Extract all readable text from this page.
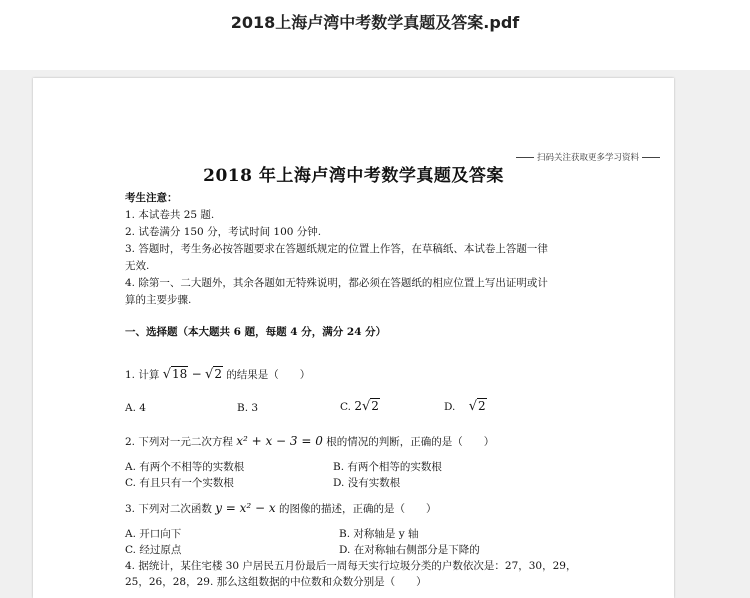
2018上海卢湾中考数学真题及答案.pdf
扫码关注获取更多学习资料
2018 年上海卢湾中考数学真题及答案
考生注意：
1. 本试卷共 25 题.
2. 试卷满分 150 分，考试时间 100 分钟.
3. 答题时，考生务必按答题要求在答题纸规定的位置上作答，在草稿纸、本试卷上答题一律
无效.
4. 除第一、二大题外，其余各题如无特殊说明，都必须在答题纸的相应位置上写出证明或计
算的主要步骤.
一、选择题（本大题共 6 题，每题 4 分，满分 24 分）
1. 计算 √18 − √2 的结果是（　　）
A. 4	B. 3	C. 2√2	D. √2
2. 下列对一元二次方程 x² + x − 3 = 0 根的情况的判断，正确的是（　　）
A. 有两个不相等的实数根	B. 有两个相等的实数根
C. 有且只有一个实数根	D. 没有实数根
3. 下列对二次函数 y = x² − x 的图像的描述，正确的是（　　）
A. 开口向下	B. 对称轴是 y 轴
C. 经过原点	D. 在对称轴右侧部分是下降的
4. 据统计，某住宅楼 30 户居民五月份最后一周每天实行垃圾分类的户数依次是：27，30，29，
25，26，28，29. 那么这组数据的中位数和众数分别是（　　）
